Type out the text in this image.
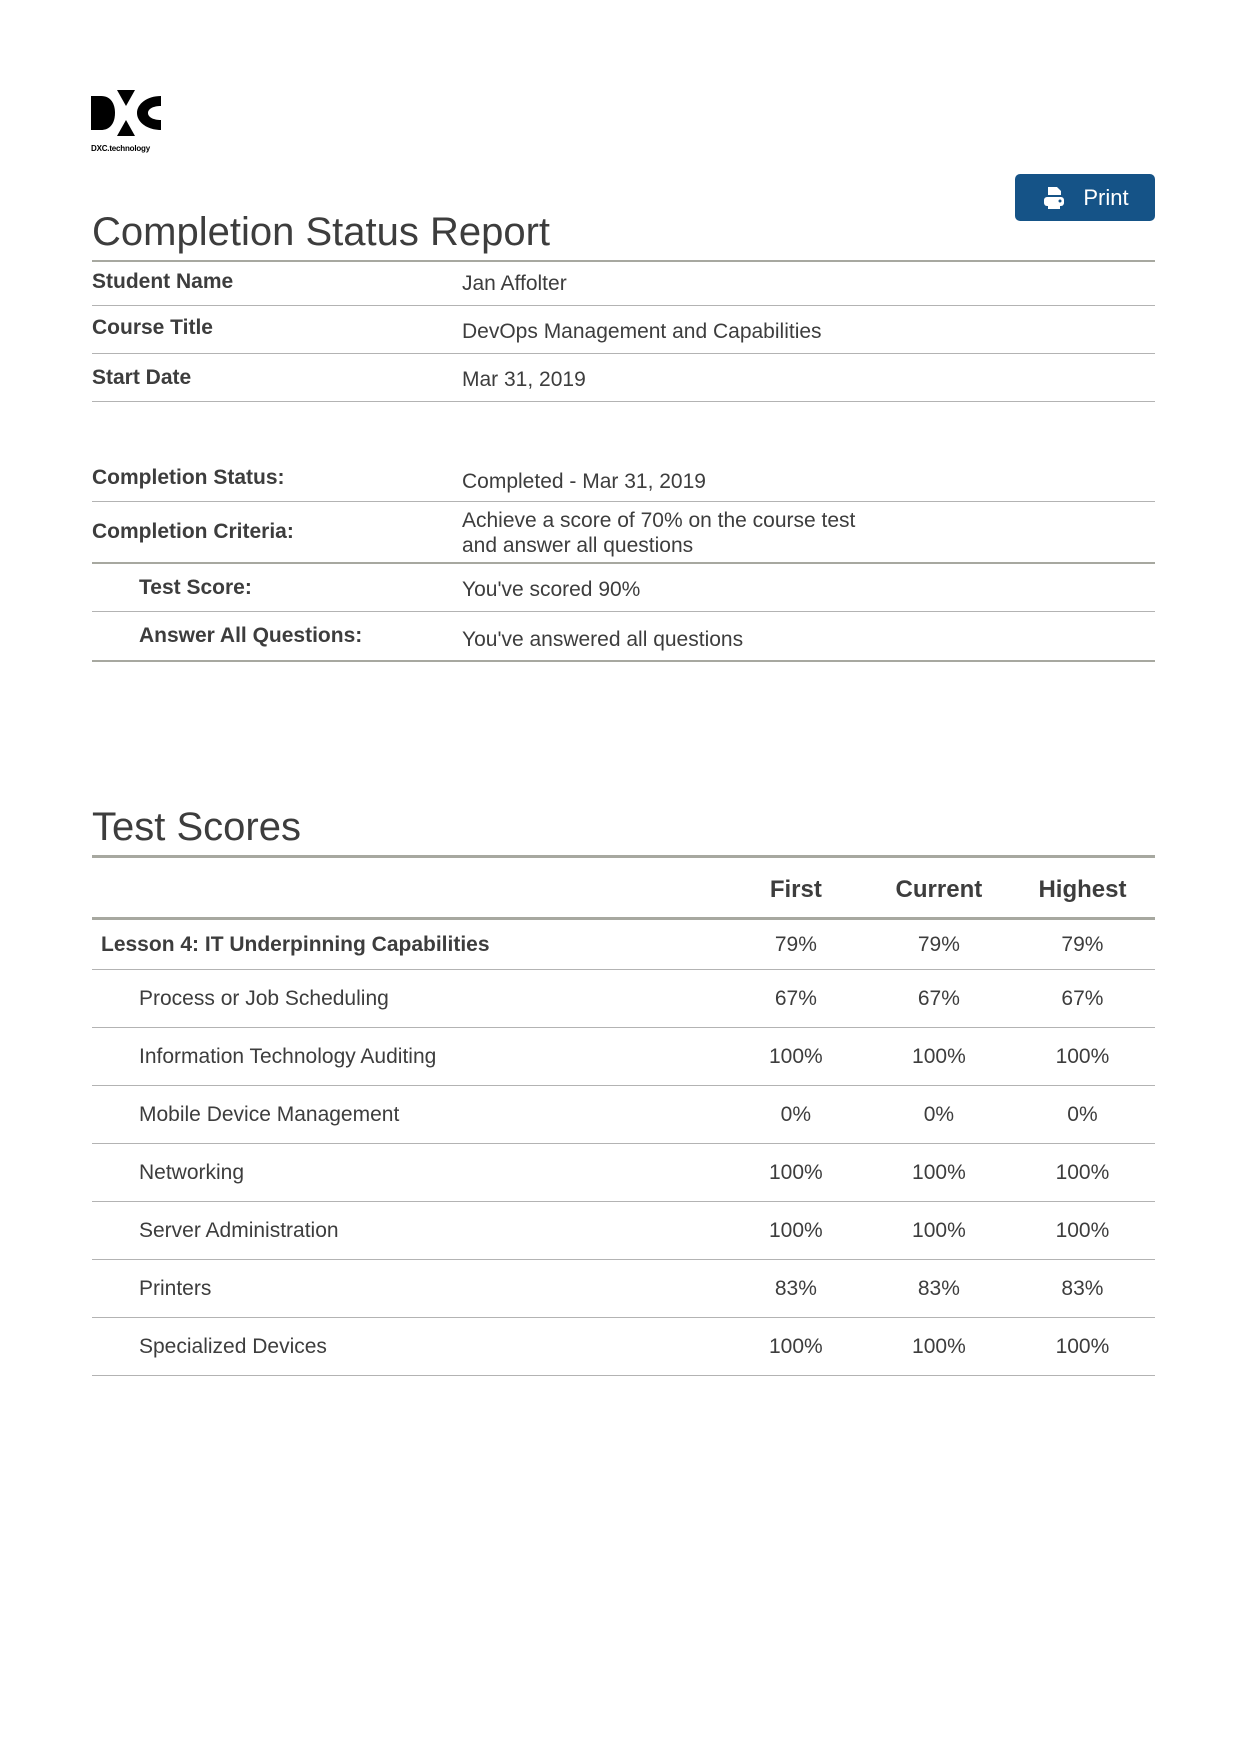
DXC.technology
Print
Completion Status Report
Student Name	Jan Affolter
Course Title	DevOps Management and Capabilities
Start Date	Mar 31, 2019
Completion Status:	Completed - Mar 31, 2019
Completion Criteria:	Achieve a score of 70% on the course test
and answer all questions
Test Score:	You've scored 90%
Answer All Questions:	You've answered all questions
Test Scores
	First	Current	Highest
Lesson 4: IT Underpinning Capabilities	79%	79%	79%
Process or Job Scheduling	67%	67%	67%
Information Technology Auditing	100%	100%	100%
Mobile Device Management	0%	0%	0%
Networking	100%	100%	100%
Server Administration	100%	100%	100%
Printers	83%	83%	83%
Specialized Devices	100%	100%	100%
